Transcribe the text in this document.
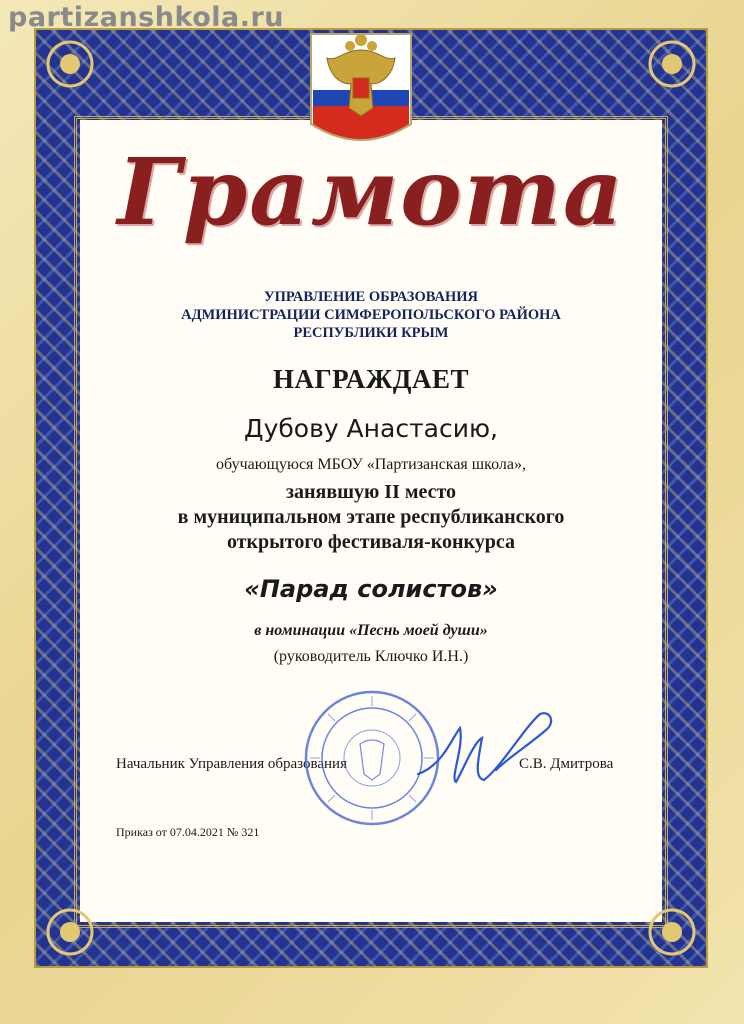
partizanshkola.ru
Грамота
УПРАВЛЕНИЕ ОБРАЗОВАНИЯ
АДМИНИСТРАЦИИ СИМФЕРОПОЛЬСКОГО РАЙОНА
РЕСПУБЛИКИ КРЫМ
НАГРАЖДАЕТ
Дубову Анастасию,
обучающуюся МБОУ «Партизанская школа»,
занявшую II место
в муниципальном этапе республиканского
открытого фестиваля-конкурса
«Парад солистов»
в номинации «Песнь моей души»
(руководитель Ключко И.Н.)
Начальник Управления образования	С.В. Дмитрова
Приказ от 07.04.2021 № 321
